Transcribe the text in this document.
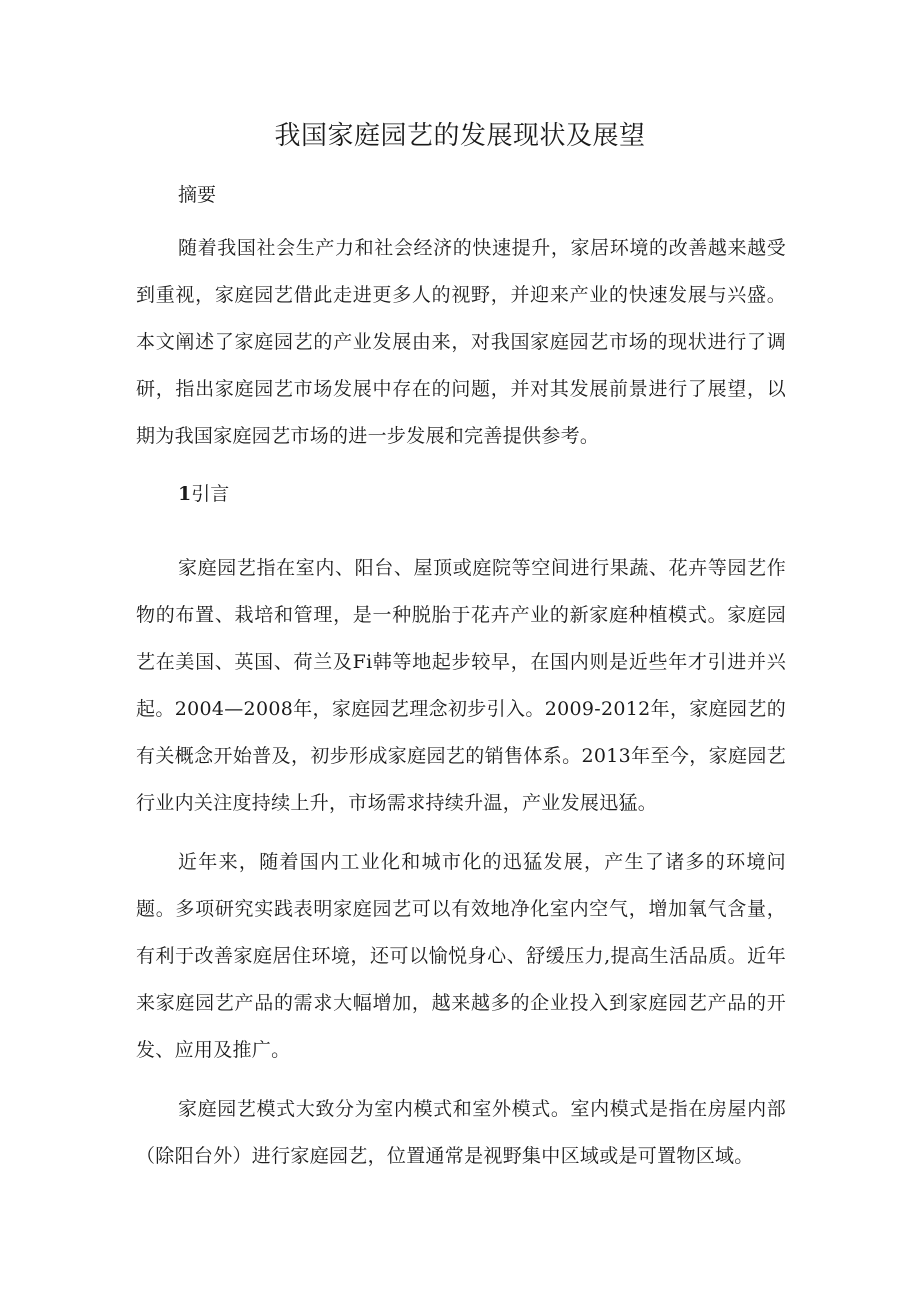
我国家庭园艺的发展现状及展望
摘要
随着我国社会生产力和社会经济的快速提升，家居环境的改善越来越受到重视，家庭园艺借此走进更多人的视野，并迎来产业的快速发展与兴盛。本文阐述了家庭园艺的产业发展由来，对我国家庭园艺市场的现状进行了调研，指出家庭园艺市场发展中存在的问题，并对其发展前景进行了展望，以期为我国家庭园艺市场的进一步发展和完善提供参考。
1引言
家庭园艺指在室内、阳台、屋顶或庭院等空间进行果蔬、花卉等园艺作物的布置、栽培和管理，是一种脱胎于花卉产业的新家庭种植模式。家庭园艺在美国、英国、荷兰及Fi韩等地起步较早，在国内则是近些年才引进并兴起。2004—2008年，家庭园艺理念初步引入。2009-2012年，家庭园艺的有关概念开始普及，初步形成家庭园艺的销售体系。2013年至今，家庭园艺行业内关注度持续上升，市场需求持续升温，产业发展迅猛。
近年来，随着国内工业化和城市化的迅猛发展，产生了诸多的环境问题。多项研究实践表明家庭园艺可以有效地净化室内空气，增加氧气含量，有利于改善家庭居住环境，还可以愉悦身心、舒缓压力,提高生活品质。近年来家庭园艺产品的需求大幅增加，越来越多的企业投入到家庭园艺产品的开发、应用及推广。
家庭园艺模式大致分为室内模式和室外模式。室内模式是指在房屋内部（除阳台外）进行家庭园艺，位置通常是视野集中区域或是可置物区域。
